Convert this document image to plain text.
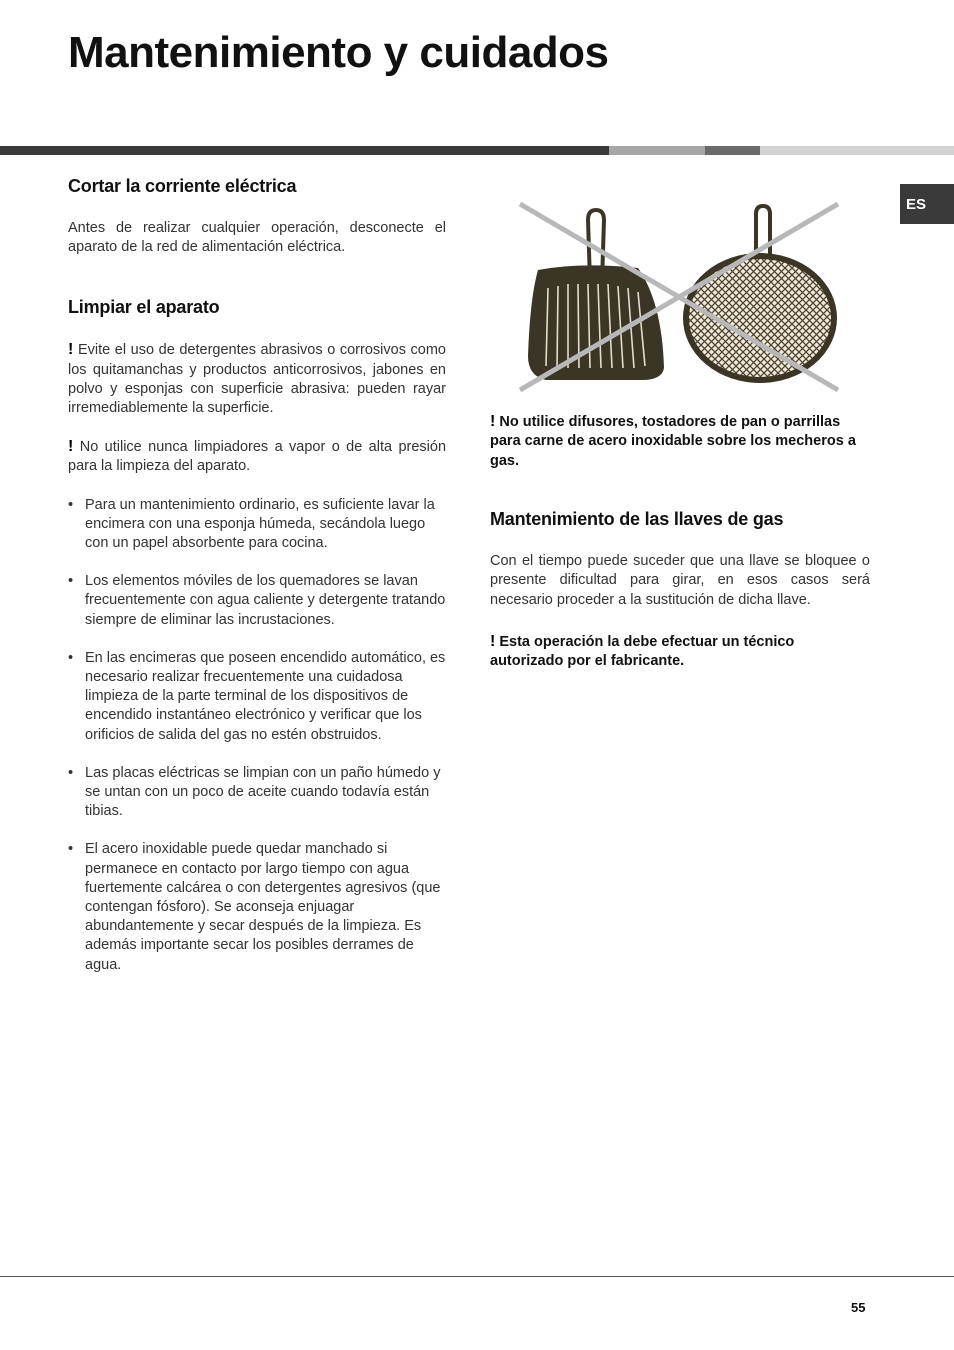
Mantenimiento y cuidados
ES
Cortar la corriente eléctrica

Antes de realizar cualquier operación, desconecte el aparato de la red de alimentación eléctrica.

Limpiar el aparato

! Evite el uso de detergentes abrasivos o corrosivos como los quitamanchas y productos anticorrosivos, jabones en polvo y esponjas con superficie abrasiva: pueden rayar irremediablemente la superficie.

! No utilice nunca limpiadores a vapor o de alta presión para la limpieza del aparato.

• Para un mantenimiento ordinario, es suficiente lavar la encimera con una esponja húmeda, secándola luego con un papel absorbente para cocina.
• Los elementos móviles de los quemadores se lavan frecuentemente con agua caliente y detergente tratando siempre de eliminar las incrustaciones.
• En las encimeras que poseen encendido automático, es necesario realizar frecuentemente una cuidadosa limpieza de la parte terminal de los dispositivos de encendido instantáneo electrónico y verificar que los orificios de salida del gas no estén obstruidos.
• Las placas eléctricas se limpian con un paño húmedo y se untan con un poco de aceite cuando todavía están tibias.
• El acero inoxidable puede quedar manchado si permanece en contacto por largo tiempo con agua fuertemente calcárea o con detergentes agresivos (que contengan fósforo). Se aconseja enjuagar abundantemente y secar después de la limpieza. Es además importante secar los posibles derrames de agua.

! No utilice difusores, tostadores de pan o parrillas para carne de acero inoxidable sobre los mecheros a gas.

Mantenimiento de las llaves de gas

Con el tiempo puede suceder que una llave se bloquee o presente dificultad para girar, en esos casos será necesario proceder a la sustitución de dicha llave.

! Esta operación la debe efectuar un técnico autorizado por el fabricante.

55
